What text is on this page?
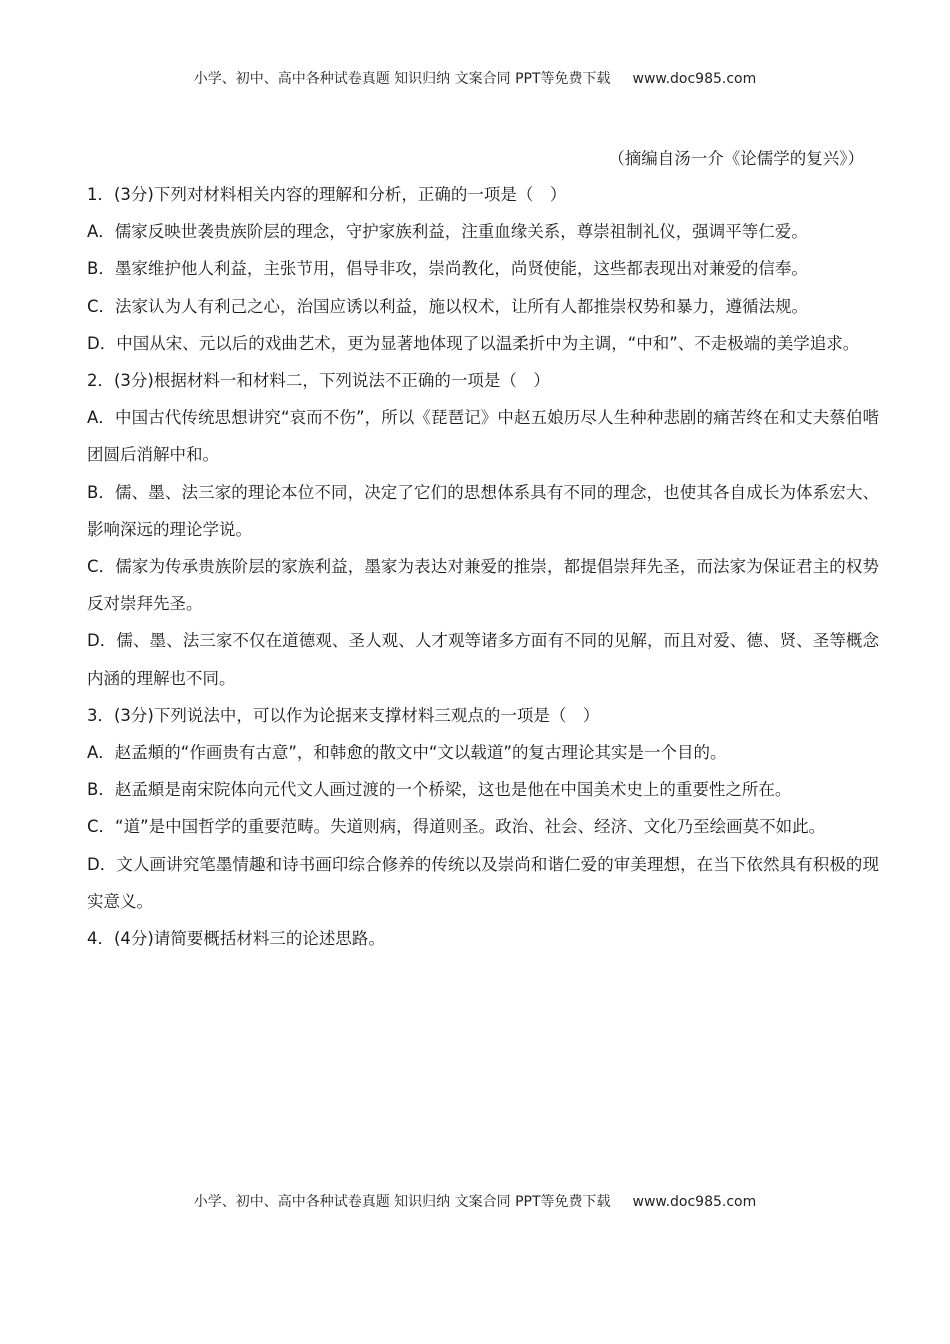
小学、初中、高中各种试卷真题 知识归纳 文案合同 PPT等免费下载 www.doc985.com
（摘编自汤一介《论儒学的复兴》）

1．(3分)下列对材料相关内容的理解和分析，正确的一项是（　）

A．儒家反映世袭贵族阶层的理念，守护家族利益，注重血缘关系，尊崇祖制礼仪，强调平等仁爱。

B．墨家维护他人利益，主张节用，倡导非攻，崇尚教化，尚贤使能，这些都表现出对兼爱的信奉。

C．法家认为人有利己之心，治国应诱以利益，施以权术，让所有人都推崇权势和暴力，遵循法规。

D．中国从宋、元以后的戏曲艺术，更为显著地体现了以温柔折中为主调，“中和”、不走极端的美学追求。

2．(3分)根据材料一和材料二，下列说法不正确的一项是（　）

A．中国古代传统思想讲究“哀而不伤”，所以《琵琶记》中赵五娘历尽人生种种悲剧的痛苦终在和丈夫蔡伯喈团圆后消解中和。

B．儒、墨、法三家的理论本位不同，决定了它们的思想体系具有不同的理念，也使其各自成长为体系宏大、影响深远的理论学说。

C．儒家为传承贵族阶层的家族利益，墨家为表达对兼爱的推崇，都提倡崇拜先圣，而法家为保证君主的权势反对崇拜先圣。

D．儒、墨、法三家不仅在道德观、圣人观、人才观等诸多方面有不同的见解，而且对爱、德、贤、圣等概念内涵的理解也不同。

3．(3分)下列说法中，可以作为论据来支撑材料三观点的一项是（　）

A．赵孟頫的“作画贵有古意”，和韩愈的散文中“文以载道”的复古理论其实是一个目的。

B．赵孟頫是南宋院体向元代文人画过渡的一个桥梁，这也是他在中国美术史上的重要性之所在。

C．“道”是中国哲学的重要范畴。失道则病，得道则圣。政治、社会、经济、文化乃至绘画莫不如此。

D．文人画讲究笔墨情趣和诗书画印综合修养的传统以及崇尚和谐仁爱的审美理想，在当下依然具有积极的现实意义。

4．(4分)请简要概括材料三的论述思路。

小学、初中、高中各种试卷真题 知识归纳 文案合同 PPT等免费下载 www.doc985.com
